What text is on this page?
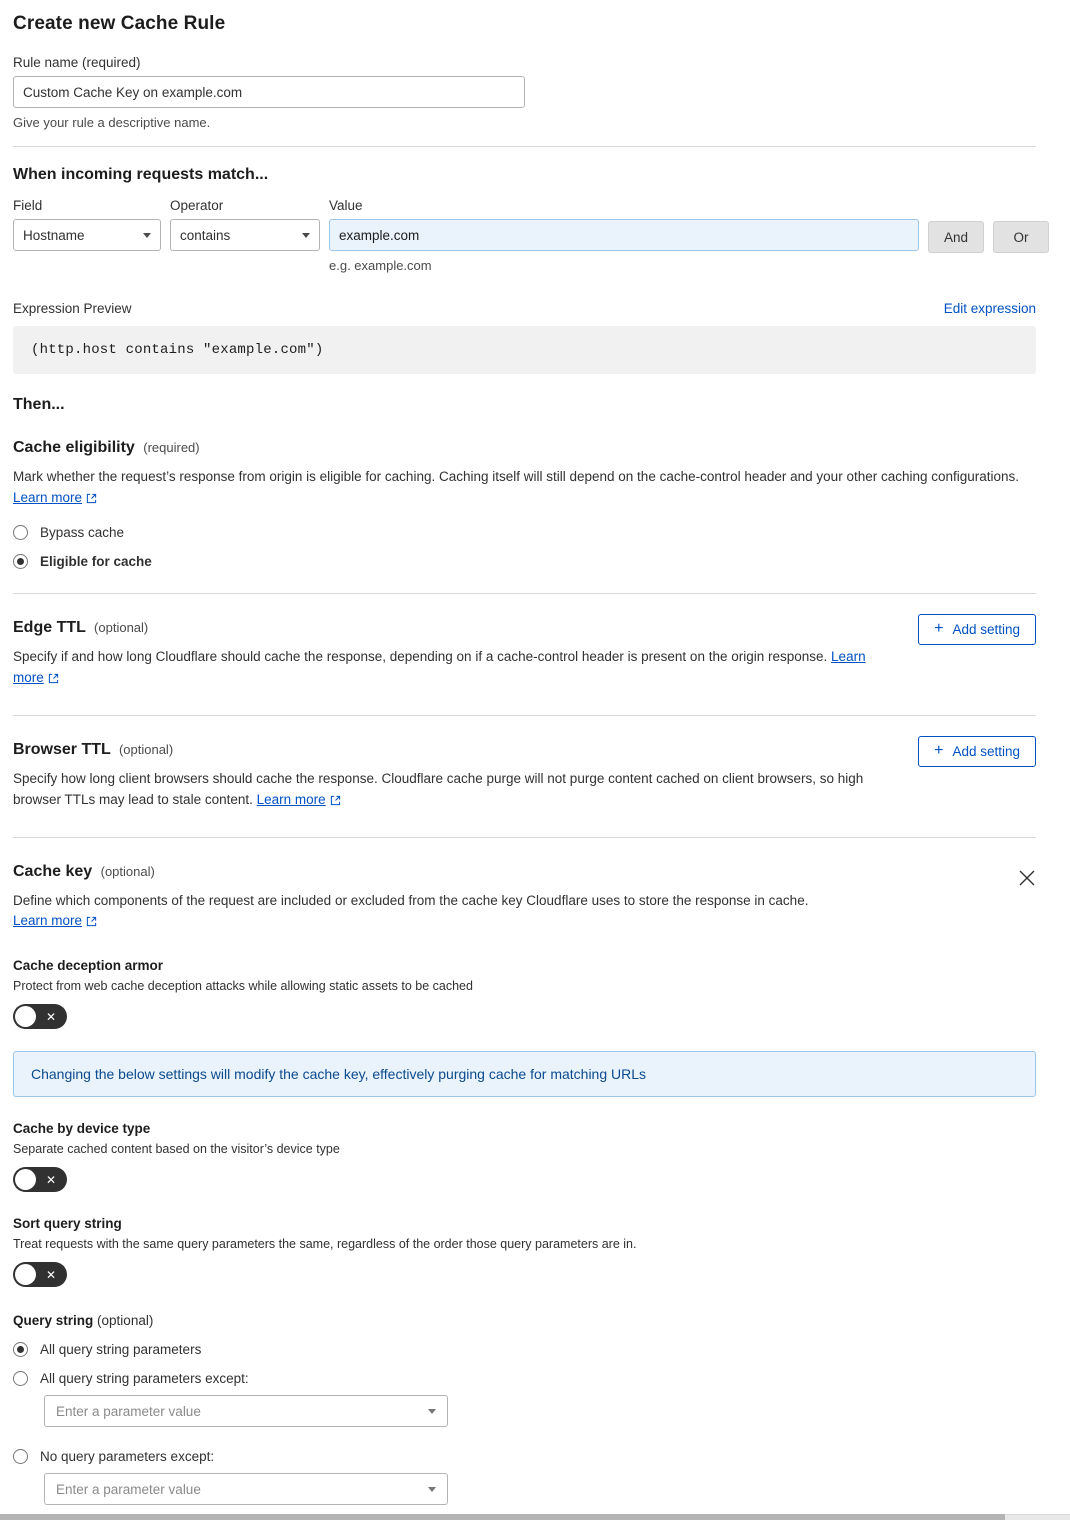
Create new Cache Rule
Rule name (required)
Custom Cache Key on example.com
Give your rule a descriptive name.
When incoming requests match...
Field
Hostname
Operator
contains
Value
example.com
e.g. example.com
And	Or
Expression Preview	Edit expression
(http.host contains "example.com")
Then...
Cache eligibility (required)
Mark whether the request’s response from origin is eligible for caching. Caching itself will still depend on the cache-control header and your other caching configurations. Learn more
Bypass cache
Eligible for cache
Edge TTL (optional)
Specify if and how long Cloudflare should cache the response, depending on if a cache-control header is present on the origin response. Learn more
+ Add setting
Browser TTL (optional)
Specify how long client browsers should cache the response. Cloudflare cache purge will not purge content cached on client browsers, so high browser TTLs may lead to stale content. Learn more
+ Add setting
Cache key (optional)
Define which components of the request are included or excluded from the cache key Cloudflare uses to store the response in cache.
Learn more
Cache deception armor
Protect from web cache deception attacks while allowing static assets to be cached
✕
Changing the below settings will modify the cache key, effectively purging cache for matching URLs
Cache by device type
Separate cached content based on the visitor’s device type
✕
Sort query string
Treat requests with the same query parameters the same, regardless of the order those query parameters are in.
✕
Query string (optional)
All query string parameters
All query string parameters except:
Enter a parameter value
No query parameters except:
Enter a parameter value
